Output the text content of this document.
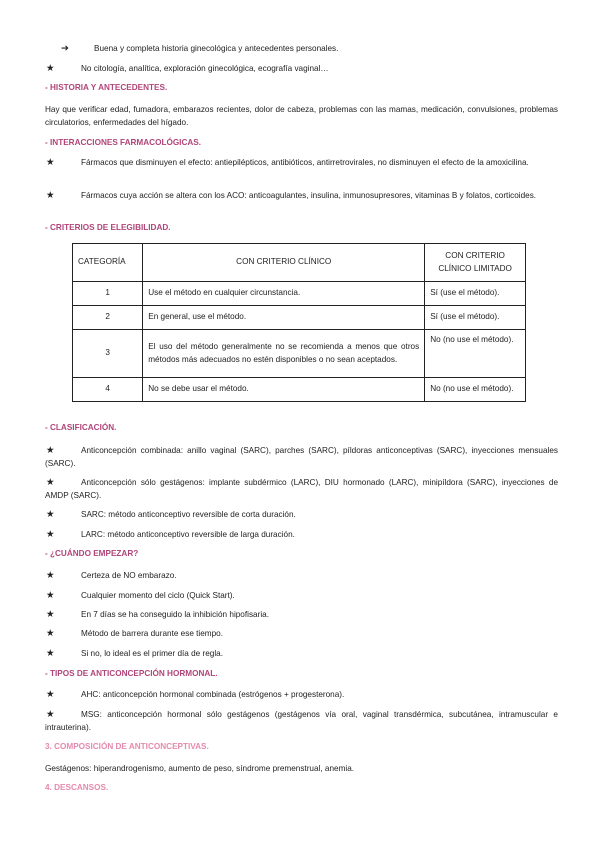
➔	Buena y completa historia ginecológica y antecedentes personales.
★	No citología, analítica, exploración ginecológica, ecografía vaginal…
- HISTORIA Y ANTECEDENTES.
Hay que verificar edad, fumadora, embarazos recientes, dolor de cabeza, problemas con las mamas, medicación, convulsiones, problemas circulatorios, enfermedades del hígado.
- INTERACCIONES FARMACOLÓGICAS.
★	Fármacos que disminuyen el efecto: antiepilépticos, antibióticos, antirretrovirales, no disminuyen el efecto de la amoxicilina.
★	Fármacos cuya acción se altera con los ACO: anticoagulantes, insulina, inmunosupresores, vitaminas B y folatos, corticoides.
- CRITERIOS DE ELEGIBILIDAD.
CATEGORÍA	CON CRITERIO CLÍNICO	CON CRITERIO CLÍNICO LIMITADO
1	Use el método en cualquier circunstancia.	Sí (use el método).
2	En general, use el método.	Sí (use el método).
3	El uso del método generalmente no se recomienda a menos que otros métodos más adecuados no estén disponibles o no sean aceptados.	No (no use el método).
4	No se debe usar el método.	No (no use el método).
- CLASIFICACIÓN.
★	Anticoncepción combinada: anillo vaginal (SARC), parches (SARC), píldoras anticonceptivas (SARC), inyecciones mensuales (SARC).
★	Anticoncepción sólo gestágenos: implante subdérmico (LARC), DIU hormonado (LARC), minipíldora (SARC), inyecciones de AMDP (SARC).
★	SARC: método anticonceptivo reversible de corta duración.
★	LARC: método anticonceptivo reversible de larga duración.
- ¿CUÁNDO EMPEZAR?
★	Certeza de NO embarazo.
★	Cualquier momento del ciclo (Quick Start).
★	En 7 días se ha conseguido la inhibición hipofisaria.
★	Método de barrera durante ese tiempo.
★	Si no, lo ideal es el primer día de regla.
- TIPOS DE ANTICONCEPCIÓN HORMONAL.
★	AHC: anticoncepción hormonal combinada (estrógenos + progesterona).
★	MSG: anticoncepción hormonal sólo gestágenos (gestágenos vía oral, vaginal transdérmica, subcutánea, intramuscular e intrauterina).
3. COMPOSICIÓN DE ANTICONCEPTIVAS.
Gestágenos: hiperandrogenismo, aumento de peso, síndrome premenstrual, anemia.
4. DESCANSOS.
